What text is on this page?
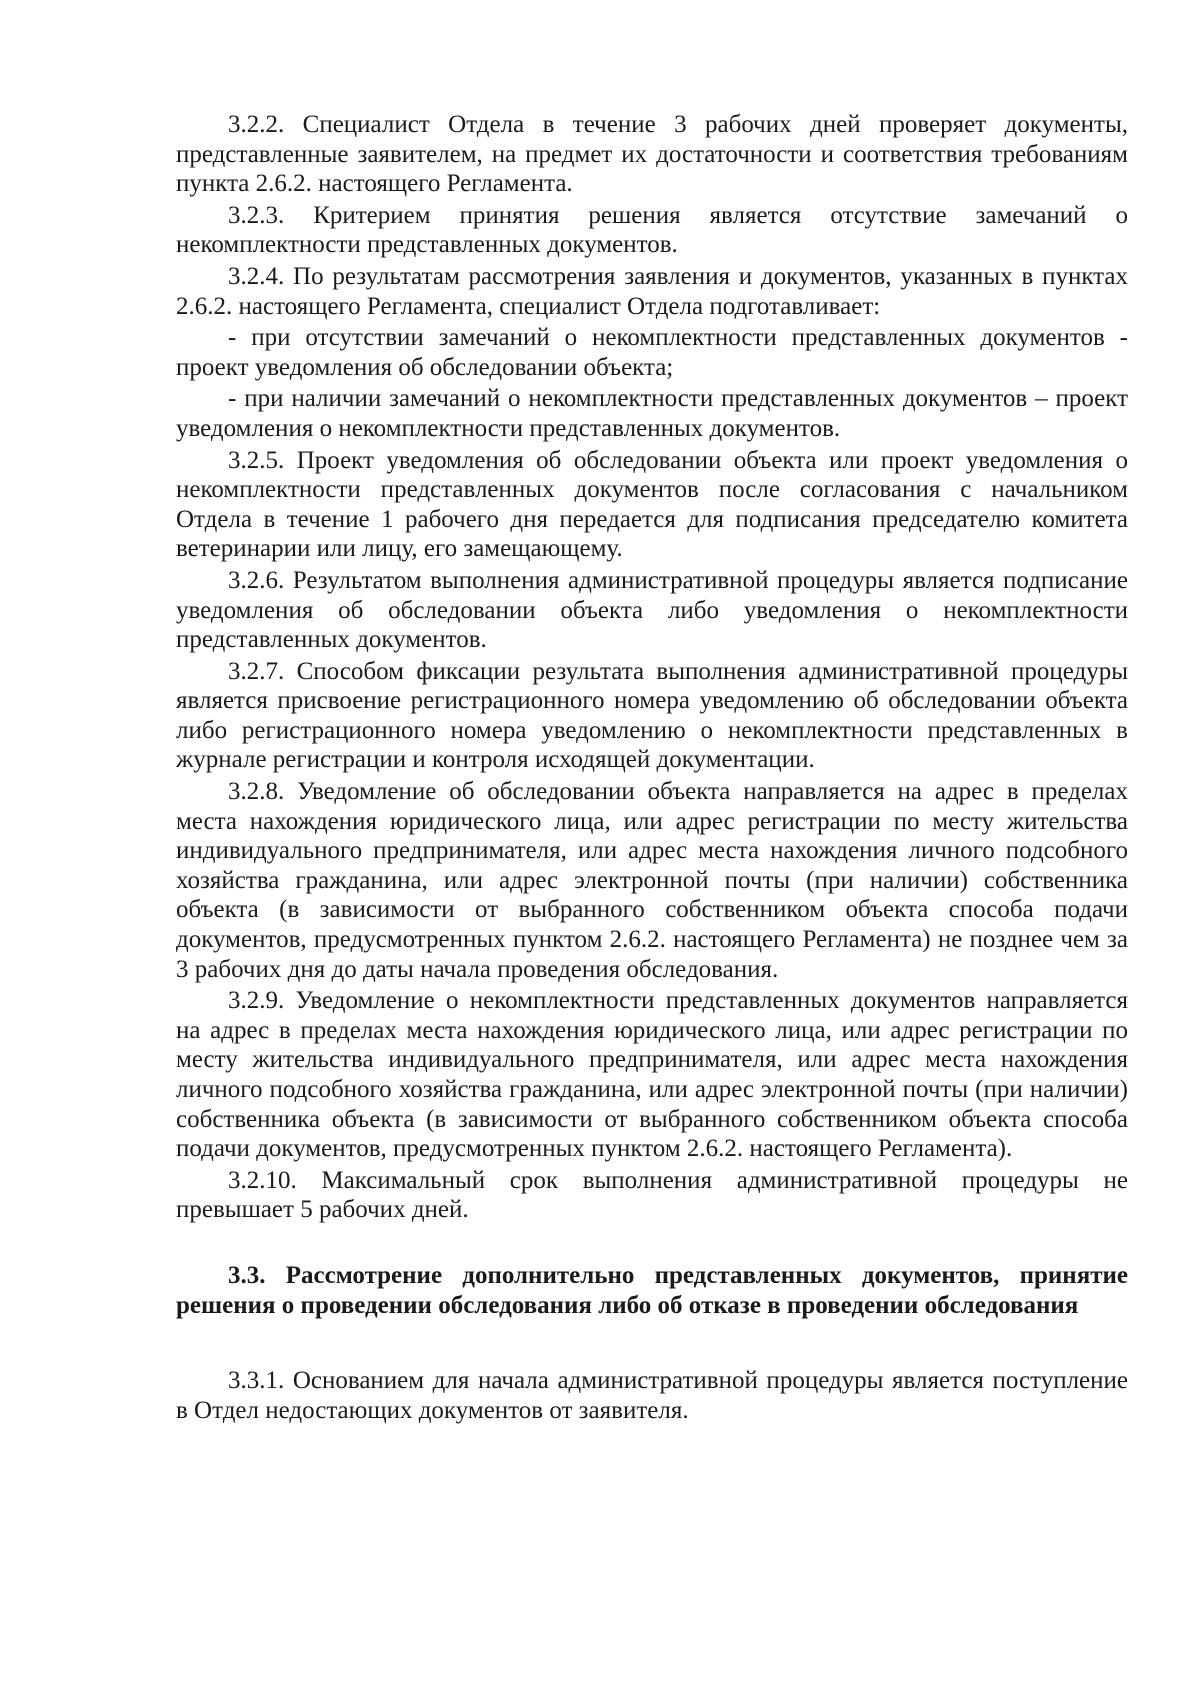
3.2.2. Специалист Отдела в течение 3 рабочих дней проверяет документы, представленные заявителем, на предмет их достаточности и соответствия требованиям пункта 2.6.2. настоящего Регламента.

3.2.3. Критерием принятия решения является отсутствие замечаний о некомплектности представленных документов.

3.2.4. По результатам рассмотрения заявления и документов, указанных в пунктах 2.6.2. настоящего Регламента, специалист Отдела подготавливает:

- при отсутствии замечаний о некомплектности представленных документов - проект уведомления об обследовании объекта;

- при наличии замечаний о некомплектности представленных документов – проект уведомления о некомплектности представленных документов.

3.2.5. Проект уведомления об обследовании объекта или проект уведомления о некомплектности представленных документов после согласования с начальником Отдела в течение 1 рабочего дня передается для подписания председателю комитета ветеринарии или лицу, его замещающему.

3.2.6. Результатом выполнения административной процедуры является подписание уведомления об обследовании объекта либо уведомления о некомплектности представленных документов.

3.2.7. Способом фиксации результата выполнения административной процедуры является присвоение регистрационного номера уведомлению об обследовании объекта либо регистрационного номера уведомлению о некомплектности представленных в журнале регистрации и контроля исходящей документации.

3.2.8. Уведомление об обследовании объекта направляется на адрес в пределах места нахождения юридического лица, или адрес регистрации по месту жительства индивидуального предпринимателя, или адрес места нахождения личного подсобного хозяйства гражданина, или адрес электронной почты (при наличии) собственника объекта (в зависимости от выбранного собственником объекта способа подачи документов, предусмотренных пунктом 2.6.2. настоящего Регламента) не позднее чем за 3 рабочих дня до даты начала проведения обследования.

3.2.9. Уведомление о некомплектности представленных документов направляется на адрес в пределах места нахождения юридического лица, или адрес регистрации по месту жительства индивидуального предпринимателя, или адрес места нахождения личного подсобного хозяйства гражданина, или адрес электронной почты (при наличии) собственника объекта (в зависимости от выбранного собственником объекта способа подачи документов, предусмотренных пунктом 2.6.2. настоящего Регламента).

3.2.10. Максимальный срок выполнения административной процедуры не превышает 5 рабочих дней.

3.3. Рассмотрение дополнительно представленных документов, принятие решения о проведении обследования либо об отказе в проведении обследования

3.3.1. Основанием для начала административной процедуры является поступление в Отдел недостающих документов от заявителя.
